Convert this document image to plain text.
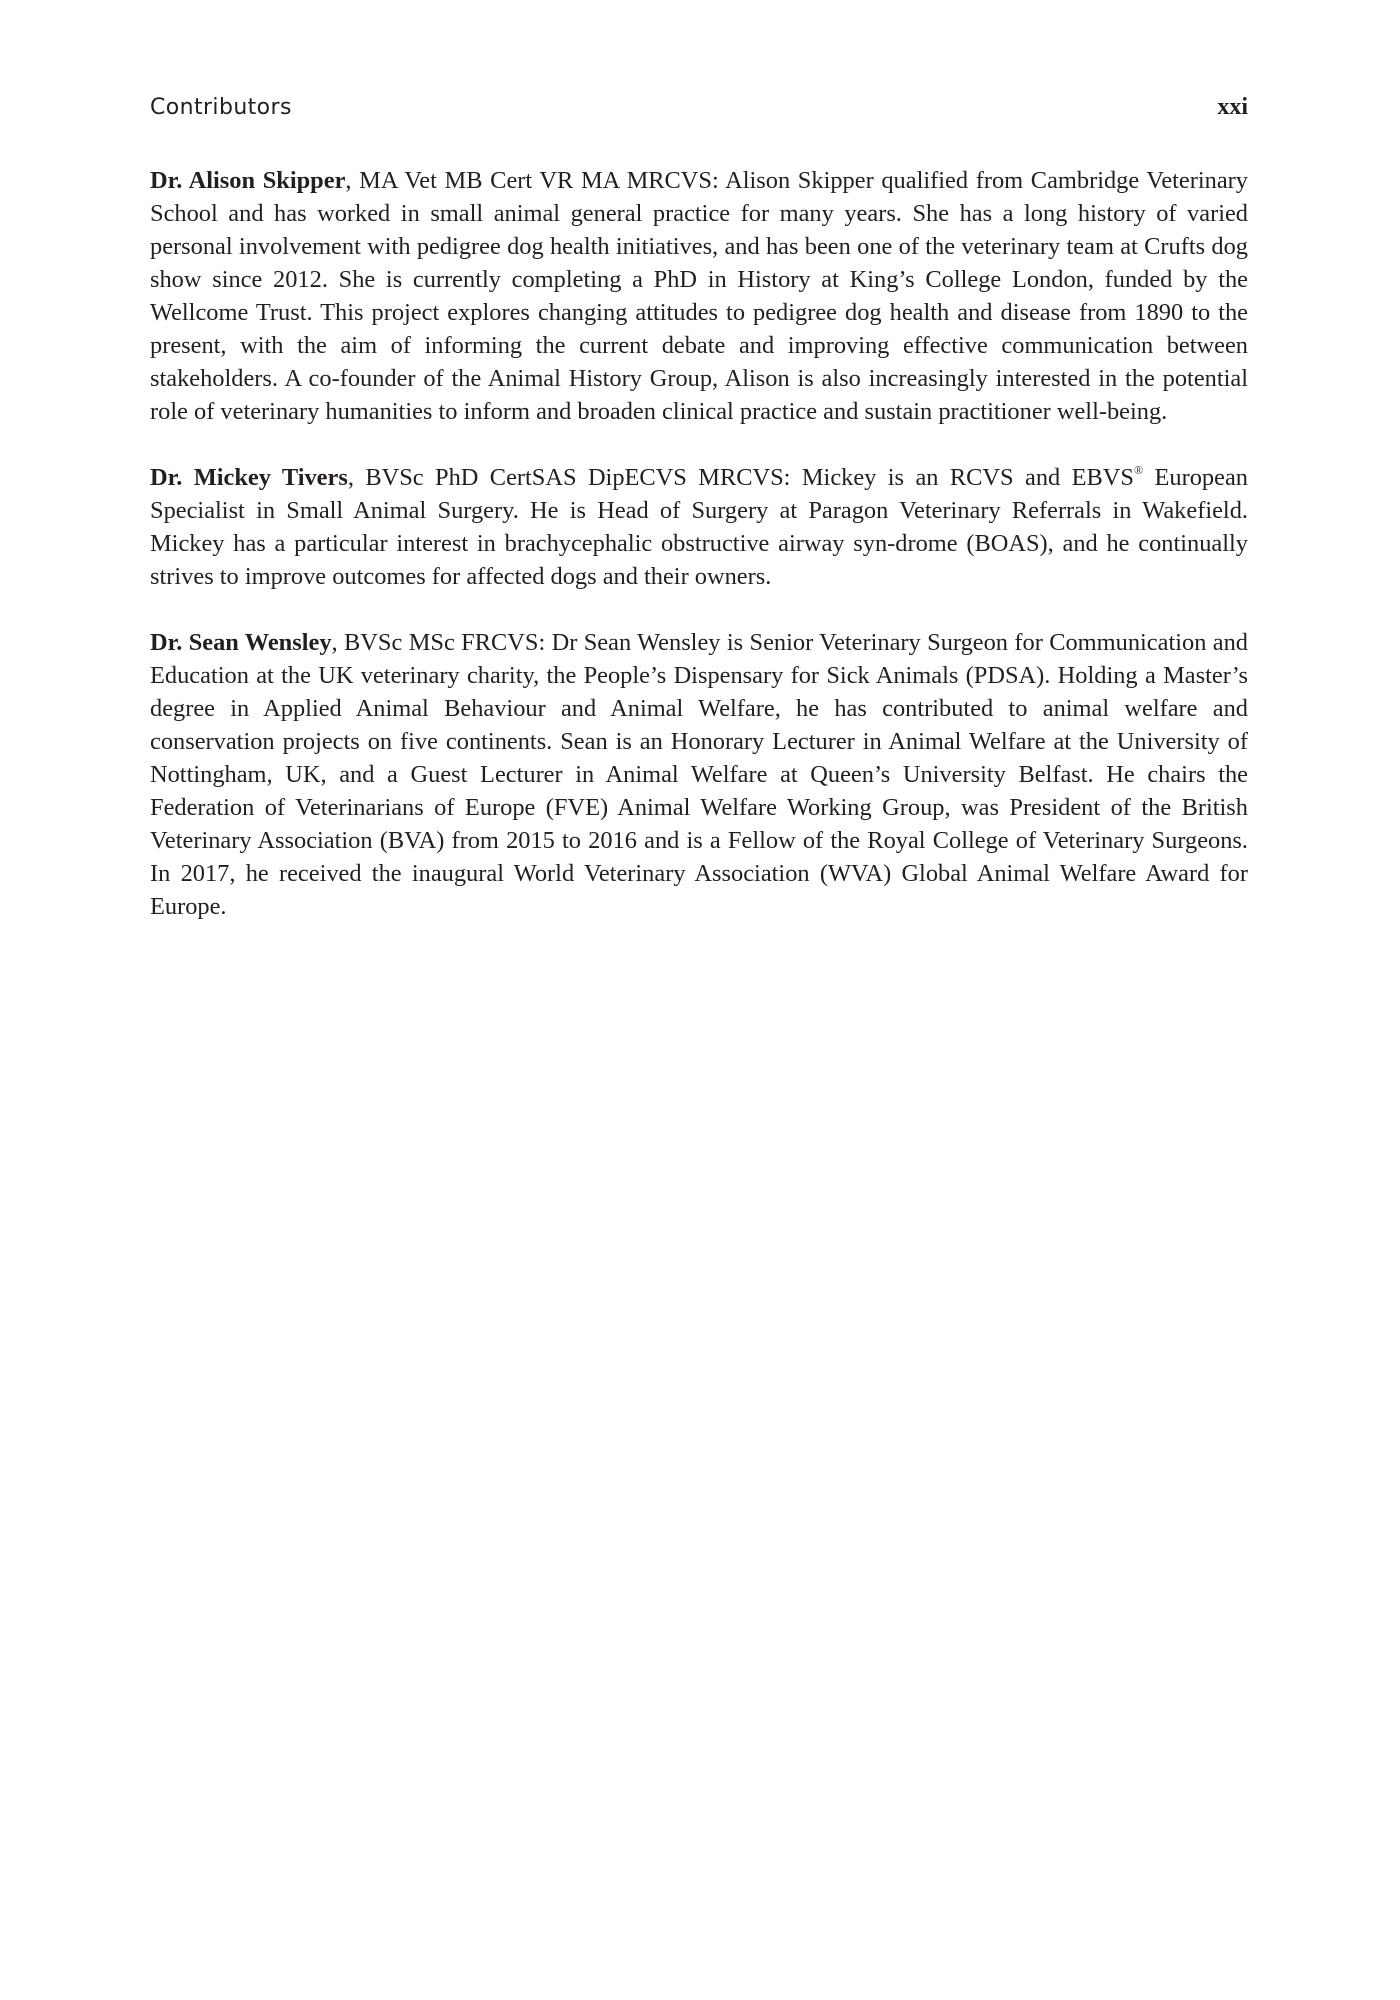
Contributors	xxi

Dr. Alison Skipper, MA Vet MB Cert VR MA MRCVS: Alison Skipper qualified from Cambridge Veterinary School and has worked in small animal general practice for many years. She has a long history of varied personal involvement with pedigree dog health initiatives, and has been one of the veterinary team at Crufts dog show since 2012. She is currently completing a PhD in History at King’s College London, funded by the Wellcome Trust. This project explores changing attitudes to pedigree dog health and disease from 1890 to the present, with the aim of informing the current debate and improving effective communication between stakeholders. A co-founder of the Animal History Group, Alison is also increasingly interested in the potential role of veterinary humanities to inform and broaden clinical practice and sustain practitioner well-being.

Dr. Mickey Tivers, BVSc PhD CertSAS DipECVS MRCVS: Mickey is an RCVS and EBVS® European Specialist in Small Animal Surgery. He is Head of Surgery at Paragon Veterinary Referrals in Wakefield. Mickey has a particular interest in brachycephalic obstructive airway syn-drome (BOAS), and he continually strives to improve outcomes for affected dogs and their owners.

Dr. Sean Wensley, BVSc MSc FRCVS: Dr Sean Wensley is Senior Veterinary Surgeon for Communication and Education at the UK veterinary charity, the People’s Dispensary for Sick Animals (PDSA). Holding a Master’s degree in Applied Animal Behaviour and Animal Welfare, he has contributed to animal welfare and conservation projects on five continents. Sean is an Honorary Lecturer in Animal Welfare at the University of Nottingham, UK, and a Guest Lecturer in Animal Welfare at Queen’s University Belfast. He chairs the Federation of Veterinarians of Europe (FVE) Animal Welfare Working Group, was President of the British Veterinary Association (BVA) from 2015 to 2016 and is a Fellow of the Royal College of Veterinary Surgeons. In 2017, he received the inaugural World Veterinary Association (WVA) Global Animal Welfare Award for Europe.
